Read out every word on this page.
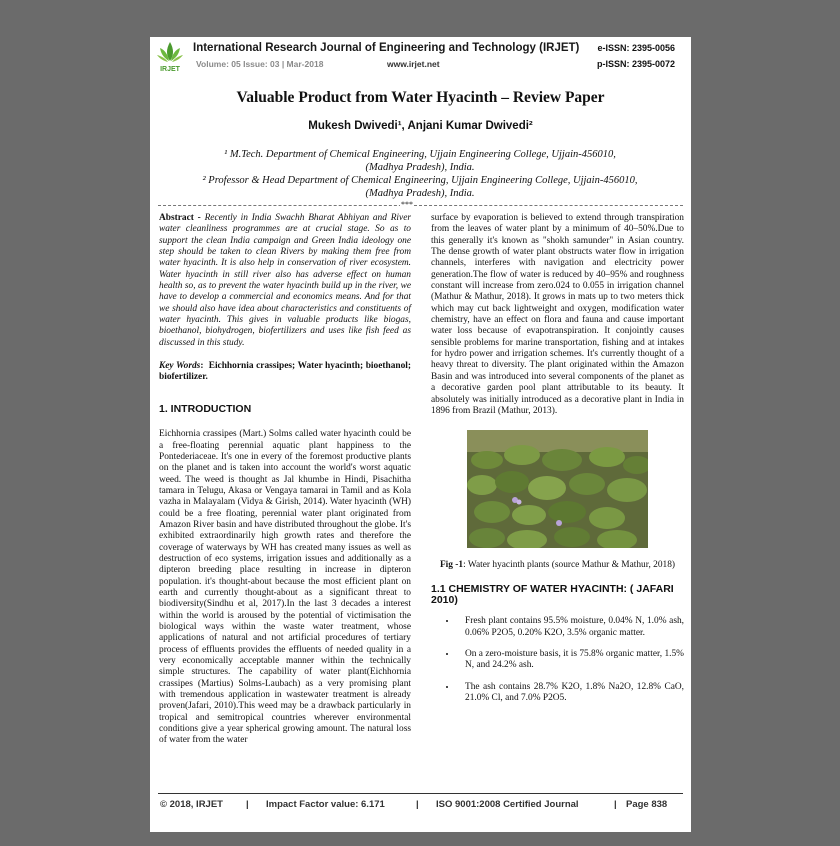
IRJET
International Research Journal of Engineering and Technology (IRJET)
Volume: 05 Issue: 03 | Mar-2018	www.irjet.net
e-ISSN: 2395-0056
p-ISSN: 2395-0072
Valuable Product from Water Hyacinth – Review Paper
Mukesh Dwivedi¹, Anjani Kumar Dwivedi²
¹ M.Tech. Department of Chemical Engineering, Ujjain Engineering College, Ujjain-456010,
(Madhya Pradesh), India.
² Professor & Head Department of Chemical Engineering, Ujjain Engineering College, Ujjain-456010,
(Madhya Pradesh), India.
***
Abstract - Recently in India Swachh Bharat Abhiyan and River water cleanliness programmes are at crucial stage. So as to support the clean India campaign and Green India ideology one step should be taken to clean Rivers by making them free from water hyacinth. It is also help in conservation of river ecosystem. Water hyacinth in still river also has adverse effect on human health so, as to prevent the water hyacinth build up in the river, we have to develop a commercial and economics means. And for that we should also have idea about characteristics and constituents of water hyacinth. This gives in valuable products like biogas, bioethanol, biohydrogen, biofertilizers and uses like fish feed as discussed in this study.
Key Words:  Eichhornia crassipes; Water hyacinth; bioethanol; biofertilizer.
1. INTRODUCTION
Eichhornia crassipes (Mart.) Solms called water hyacinth could be a free-floating perennial aquatic plant happiness to the Pontederiaceae. It's one in every of the foremost productive plants on the planet and is taken into account the world's worst aquatic weed. The weed is thought as Jal khumbe in Hindi, Pisachitha tamara in Telugu, Akasa or Vengaya tamarai in Tamil and as Kola vazha in Malayalam (Vidya & Girish, 2014). Water hyacinth (WH) could be a free floating, perennial water plant originated from Amazon River basin and have distributed throughout the globe. It's exhibited extraordinarily high growth rates and therefore the coverage of waterways by WH has created many issues as well as destruction of eco systems, irrigation issues and additionally as a dipteron breeding place resulting in increase in dipteron population. it's thought-about because the most efficient plant on earth and currently thought-about as a significant threat to biodiversity(Sindhu et al, 2017).In the last 3 decades a interest within the world is aroused by the potential of victimisation the biological ways within the waste water treatment, whose applications of natural and not artificial procedures of tertiary process of effluents provides the effluents of needed quality in a very economically acceptable manner within the technically simple structures. The capability of water plant(Eichhornia crassipes (Martius) Solms-Laubach) as a very promising plant with tremendous application in wastewater treatment is already proven(Jafari, 2010).This weed may be a drawback particularly in tropical and semitropical countries wherever environmental conditions give a year spherical growing amount. The natural loss of water from the water
surface by evaporation is believed to extend through transpiration from the leaves of water plant by a minimum of 40–50%.Due to this generally it's known as "shokh samunder" in Asian country. The dense growth of water plant obstructs water flow in irrigation channels, interferes with navigation and electricity power generation.The flow of water is reduced by 40–95% and roughness constant will increase from zero.024 to 0.055 in irrigation channel (Mathur & Mathur, 2018). It grows in mats up to two meters thick which may cut back lightweight and oxygen, modification water chemistry, have an effect on flora and fauna and cause important water loss because of evapotranspiration. It conjointly causes sensible problems for marine transportation, fishing and at intakes for hydro power and irrigation schemes. It's currently thought of a heavy threat to diversity. The plant originated within the Amazon Basin and was introduced into several components of the planet as a decorative garden pool plant attributable to its beauty. It absolutely was initially introduced as a decorative plant in India in 1896 from Brazil (Mathur, 2013).
Fig -1: Water hyacinth plants (source Mathur & Mathur, 2018)
1.1 CHEMISTRY OF WATER HYACINTH: ( JAFARI 2010)
• Fresh plant contains 95.5% moisture, 0.04% N, 1.0% ash, 0.06% P2O5, 0.20% K2O, 3.5% organic matter.
• On a zero-moisture basis, it is 75.8% organic matter, 1.5% N, and 24.2% ash.
• The ash contains 28.7% K2O, 1.8% Na2O, 12.8% CaO, 21.0% Cl, and 7.0% P2O5.
© 2018, IRJET | Impact Factor value: 6.171	| ISO 9001:2008 Certified Journal	| Page 838
